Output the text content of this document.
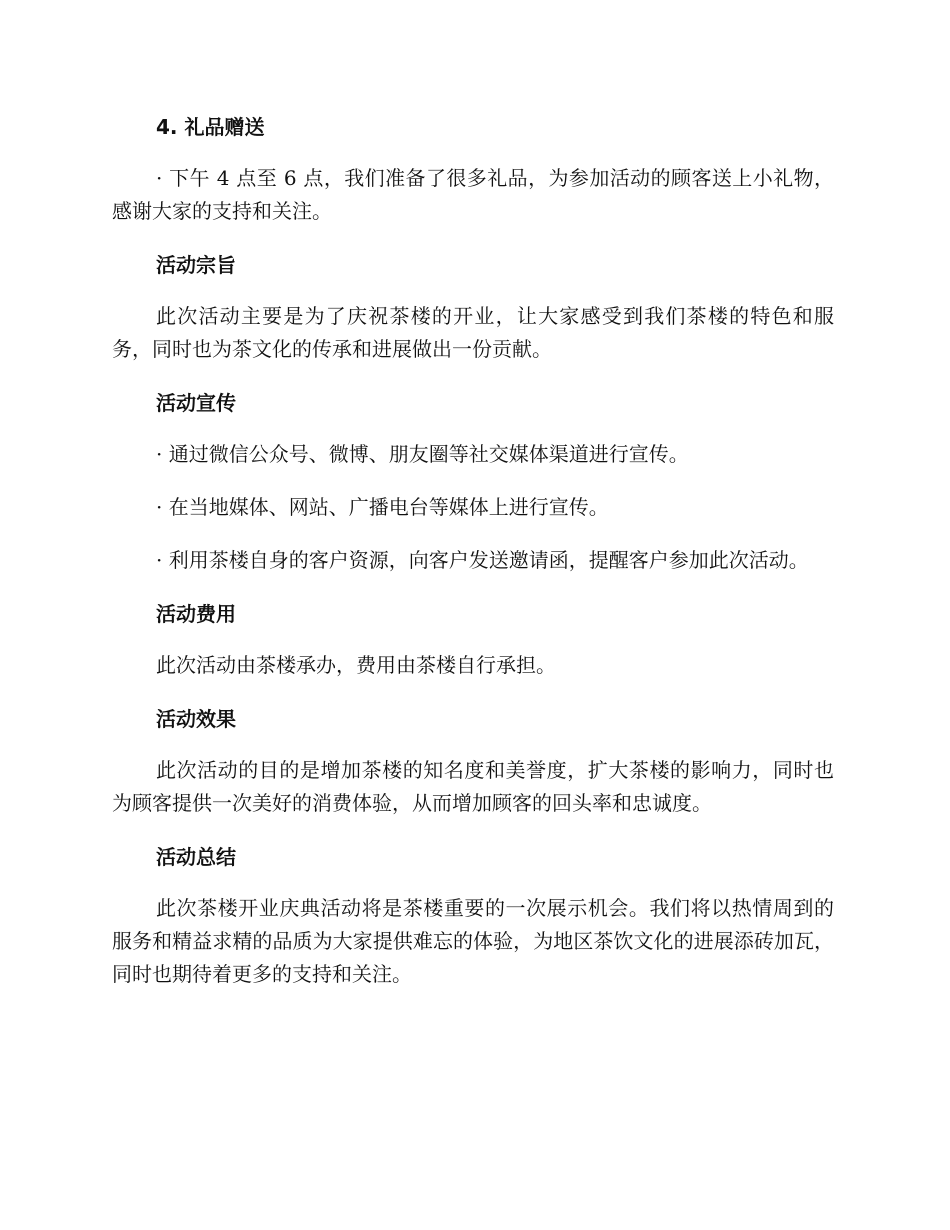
4. 礼品赠送

· 下午 4 点至 6 点，我们准备了很多礼品，为参加活动的顾客送上小礼物，感谢大家的支持和关注。

活动宗旨

此次活动主要是为了庆祝茶楼的开业，让大家感受到我们茶楼的特色和服务，同时也为茶文化的传承和进展做出一份贡献。

活动宣传

· 通过微信公众号、微博、朋友圈等社交媒体渠道进行宣传。

· 在当地媒体、网站、广播电台等媒体上进行宣传。

· 利用茶楼自身的客户资源，向客户发送邀请函，提醒客户参加此次活动。

活动费用

此次活动由茶楼承办，费用由茶楼自行承担。

活动效果

此次活动的目的是增加茶楼的知名度和美誉度，扩大茶楼的影响力，同时也为顾客提供一次美好的消费体验，从而增加顾客的回头率和忠诚度。

活动总结

此次茶楼开业庆典活动将是茶楼重要的一次展示机会。我们将以热情周到的服务和精益求精的品质为大家提供难忘的体验，为地区茶饮文化的进展添砖加瓦，同时也期待着更多的支持和关注。
